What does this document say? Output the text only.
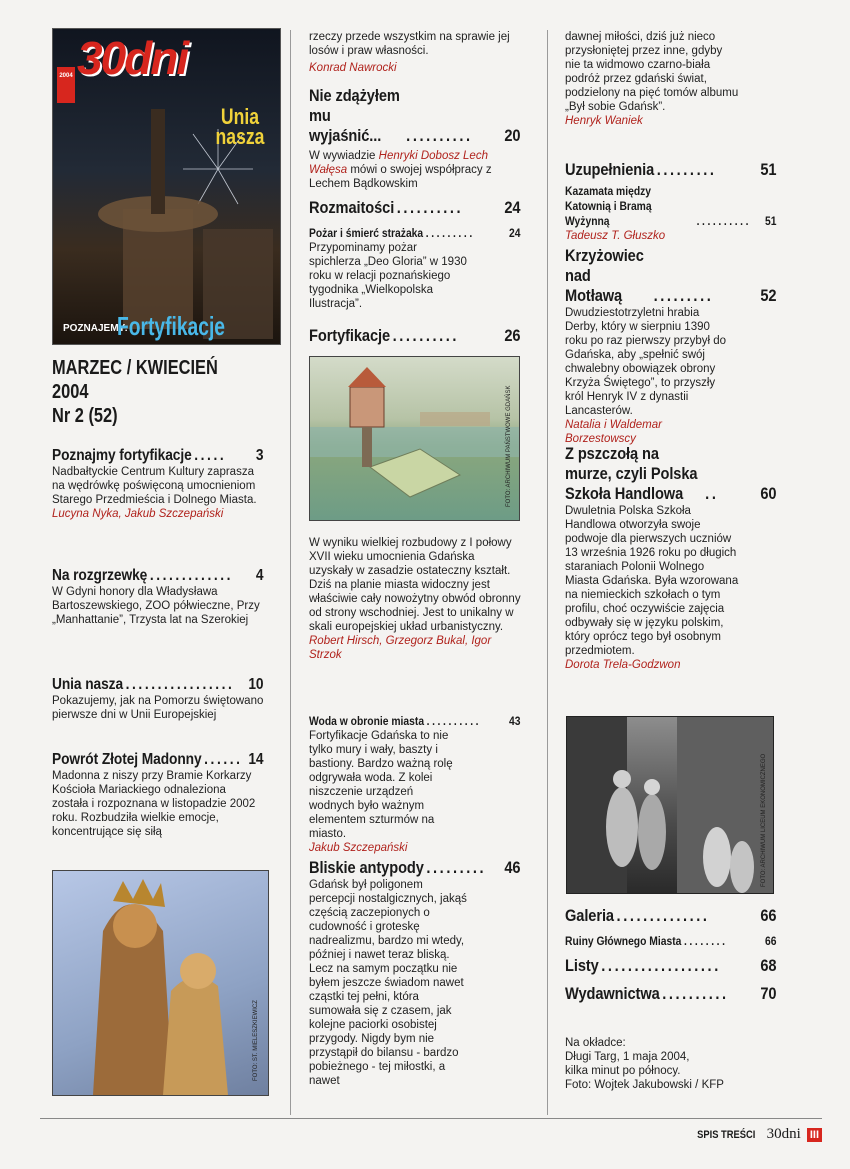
30dni
2004
Unia nasza
POZNAJEMY:
Fortyfikacje
MARZEC / KWIECIEŃ 2004
Nr 2 (52)
Poznajmy fortyfikacje .....	3
Nadbałtyckie Centrum Kultury zaprasza na wędrówkę poświęconą umocnieniom Starego Przedmieścia i Dolnego Miasta.
Lucyna Nyka, Jakub Szczepański
Na rozgrzewkę .............	4
W Gdyni honory dla Władysława Bartoszewskiego, ZOO półwieczne, Przy „Manhattanie”, Trzysta lat na Szerokiej
Unia nasza ................. 10
Pokazujemy, jak na Pomorzu świętowano pierwsze dni w Unii Europejskiej
Powrót Złotej Madonny ...... 14
Madonna z niszy przy Bramie Korkarzy Kościoła Mariackiego odnaleziona została i rozpoznana w listopadzie 2002 roku. Rozbudziła wielkie emocje, koncentrujące się siłą
FOTO: ST. MIELESZKIEWICZ
rzeczy przede wszystkim na sprawie jej losów i praw własności.
Konrad Nawrocki
Nie zdążyłem mu wyjaśnić...	..........	20
W wywiadzie Henryki Dobosz Lech Wałęsa mówi o swojej współpracy z Lechem Bądkowskim
Rozmaitości ..........	24
Pożar i śmierć strażaka .........	24
Przypominamy pożar spichlerza „Deo Gloria” w 1930 roku w relacji poznańskiego tygodnika „Wielkopolska Ilustracja”.
Fortyfikacje ..........	26
W wyniku wielkiej rozbudowy z I połowy XVII wieku umocnienia Gdańska uzyskały w zasadzie ostateczny kształt. Dziś na planie miasta widoczny jest właściwie cały nowożytny obwód obronny od strony wschodniej. Jest to unikalny w skali europejskiej układ urbanistyczny.
Robert Hirsch, Grzegorz Bukal, Igor Strzok
Woda w obronie miasta ..........	43
Fortyfikacje Gdańska to nie tylko mury i wały, baszty i bastiony. Bardzo ważną rolę odgrywała woda. Z kolei niszczenie urządzeń wodnych było ważnym elementem szturmów na miasto.
Jakub Szczepański
Bliskie antypody .........	46
Gdańsk był poligonem percepcji nostalgicznych, jakąś częścią zaczepionych o cudowność i groteskę nadrealizmu, bardzo mi wtedy, później i nawet teraz bliską. Lecz na samym początku nie byłem jeszcze świadom nawet cząstki tej pełni, która sumowała się z czasem, jak kolejne paciorki osobistej przygody. Nigdy bym nie przystąpił do bilansu - bardzo pobieżnego - tej miłostki, a nawet
FOTO: ARCHIWUM PAŃSTWOWE GDAŃSK
dawnej miłości, dziś już nieco przysłoniętej przez inne, gdyby nie ta widmowo czarno-biała podróż przez gdański świat, podzielony na pięć tomów albumu „Był sobie Gdańsk”.
Henryk Waniek
Uzupełnienia .........	51
Kazamata między Katownią i Bramą Wyżynną	..........	51
Tadeusz T. Głuszko
Krzyżowiec nad Motławą	.........	52
Dwudziestotrzyletni hrabia Derby, który w sierpniu 1390 roku po raz pierwszy przybył do Gdańska, aby „spełnić swój chwalebny obowiązek obrony Krzyża Świętego”, to przyszły król Henryk IV z dynastii Lancasterów.
Natalia i Waldemar Borzestowscy
Z pszczołą na murze, czyli Polska Szkoła Handlowa	..	60
Dwuletnia Polska Szkoła Handlowa otworzyła swoje podwoje dla pierwszych uczniów 13 września 1926 roku po długich staraniach Polonii Wolnego Miasta Gdańska. Była wzorowana na niemieckich szkołach o tym profilu, choć oczywiście zajęcia odbywały się w języku polskim, który oprócz tego był osobnym przedmiotem.
Dorota Trela-Godzwon
Galeria ..............	66
Ruiny Głównego Miasta ........	66
Listy ..................	68
Wydawnictwa ..........	70
FOTO: ARCHIWUM LICEUM EKONOMICZNEGO
Na okładce:
Długi Targ, 1 maja 2004,
kilka minut po północy.
Foto: Wojtek Jakubowski / KFP
SPIS TREŚCI 30dni III
